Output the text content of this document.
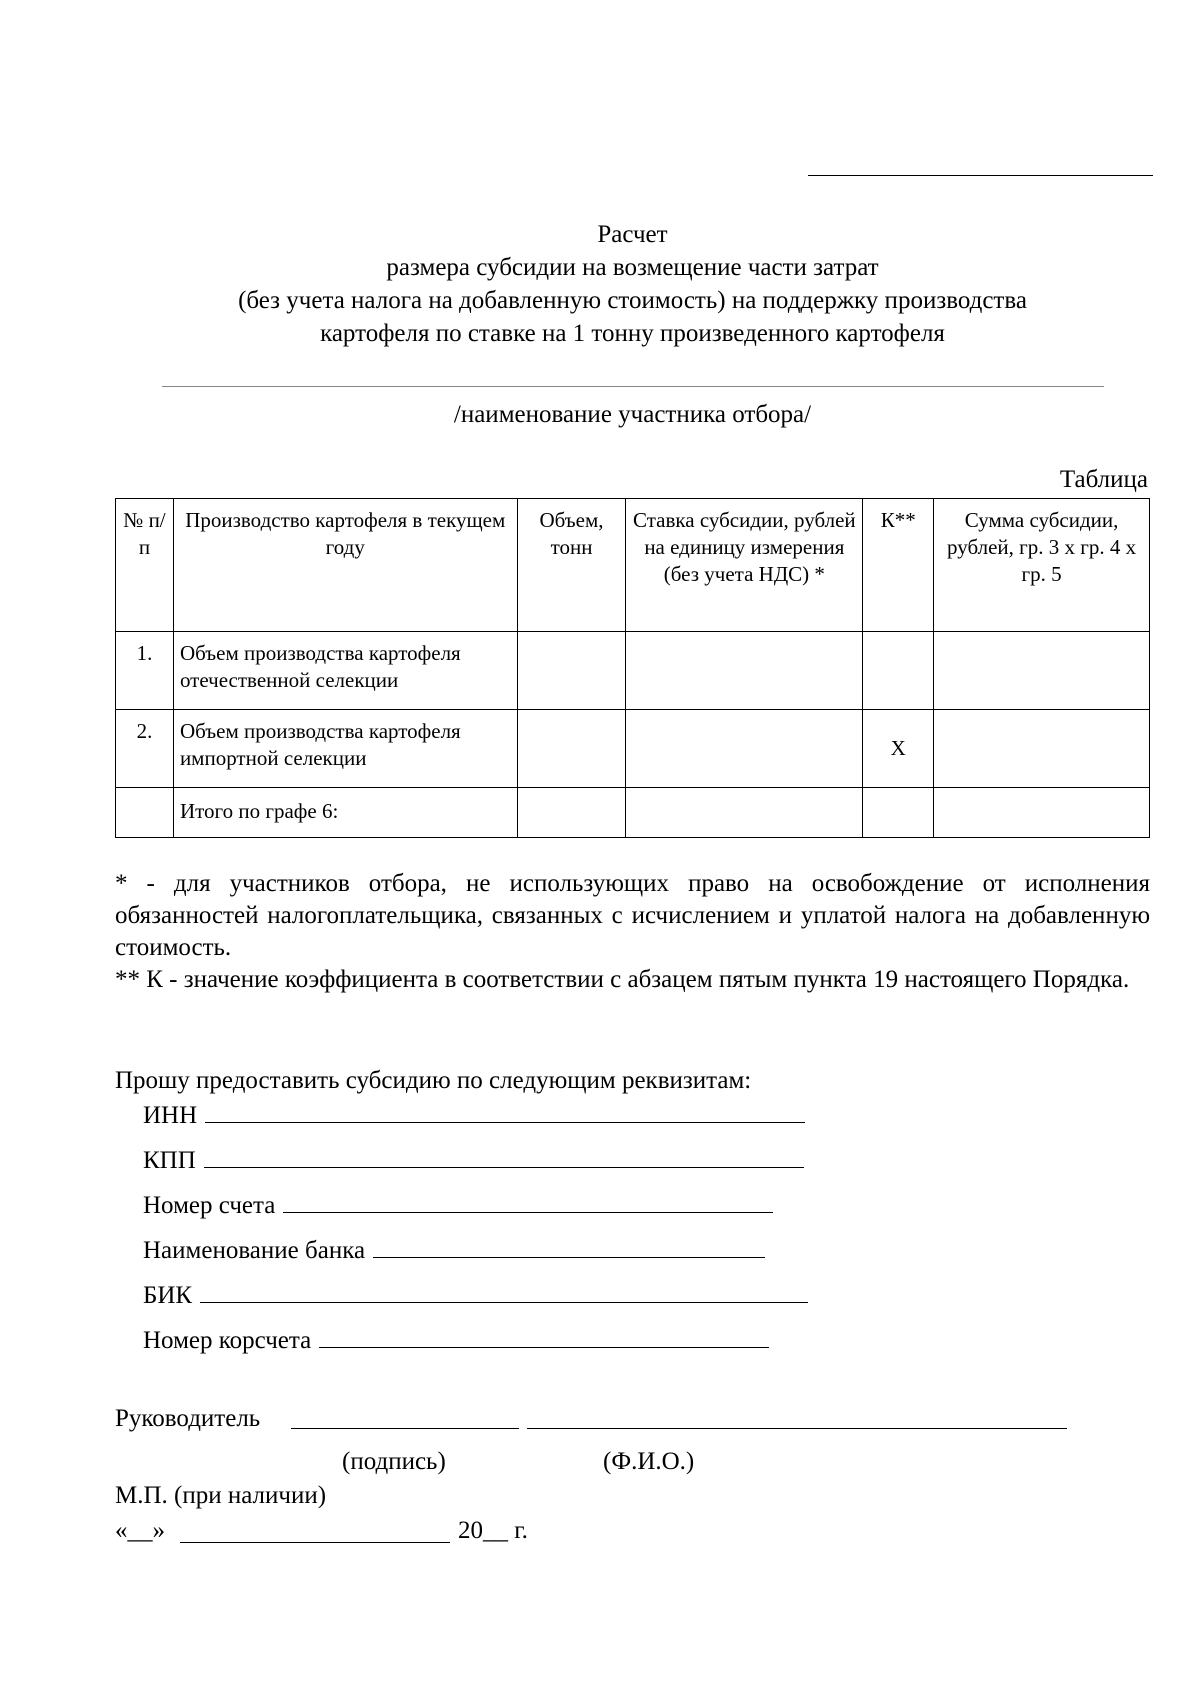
Расчет
размера субсидии на возмещение части затрат
(без учета налога на добавленную стоимость) на поддержку производства
картофеля по ставке на 1 тонну произведенного картофеля
/наименование участника отбора/
Таблица
№ п/п	Производство картофеля в текущем году	Объем, тонн	Ставка субсидии, рублей на единицу измерения (без учета НДС) *	К**	Сумма субсидии, рублей, гр. 3 х гр. 4 х гр. 5
1.	Объем производства картофеля отечественной селекции				
2.	Объем производства картофеля импортной селекции			X	
	Итого по графе 6:				

* - для участников отбора, не использующих право на освобождение от исполнения обязанностей налогоплательщика, связанных с исчислением и уплатой налога на добавленную стоимость.

** К - значение коэффициента в соответствии с абзацем пятым пункта 19 настоящего Порядка.

Прошу предоставить субсидию по следующим реквизитам:
ИНН
КПП
Номер счета
Наименование банка
БИК
Номер корсчета
Руководитель
(подпись)	(Ф.И.О.)
М.П. (при наличии)
«__»	20__ г.
